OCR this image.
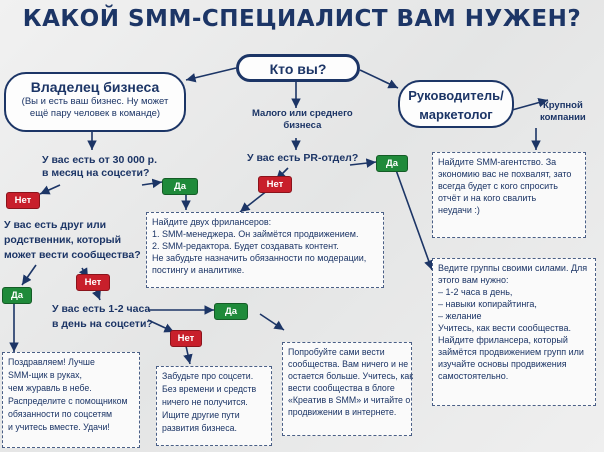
КАКОЙ SMM-СПЕЦИАЛИСТ ВАМ НУЖЕН?
Кто вы?
Владелец бизнеса
(Вы и есть ваш бизнес. Ну может
ещё пару человек в команде)
Руководитель/
маркетолог
Малого или среднего
бизнеса
Крупной
компании
У вас есть от 30 000 р.
в месяц на соцсети?
У вас есть PR-отдел?	Да
Нет
Да
Нет
Найдите SMM-агентство. За
экономию вас не похвалят, зато
всегда будет с кого спросить
отчёт и на кого свалить
неудачи :)
У вас есть друг или
родственник, который
может вести сообщества?
Найдите двух фрилансеров:
1. SMM-менеджера. Он займётся продвижением.
2. SMM-редактора. Будет создавать контент.
Не забудьте назначить обязанности по модерации,
постингу и аналитике.	Ведите группы своими силами. Для
этого вам нужно:
– 1-2 часа в день,
– навыки копирайтинга,
– желание
Учитесь, как вести сообщества.
Найдите фрилансера, который
займётся продвижением групп или
изучайте основы продвижения
самостоятельно.
Нет
Да
У вас есть 1-2 часа
в день на соцсети?
Да
Нет
Попробуйте сами вести
сообщества. Вам ничего и не
остается больше. Учитесь, как
вести сообщества в блоге
«Креатив в SMM» и читайте о
продвижении в интернете.
Поздравляем! Лучше
SMM-щик в руках,
чем журавль в небе.
Распределите с помощником
обязанности по соцсетям
и учитесь вместе. Удачи!
Забудьте про соцсети.
Без времени и средств
ничего не получится.
Ищите другие пути
развития бизнеса.
